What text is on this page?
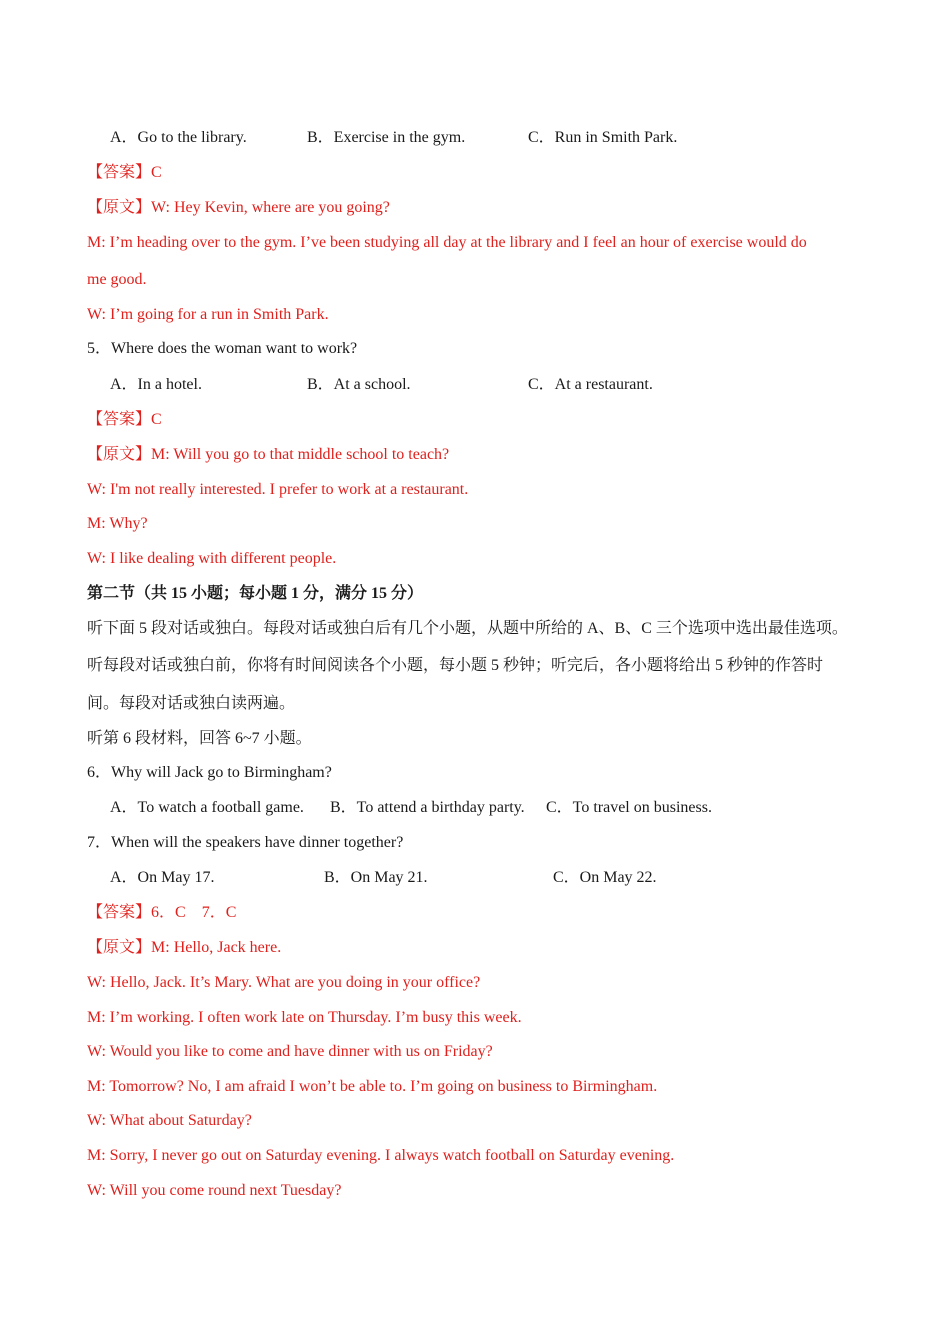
A．Go to the library.	B．Exercise in the gym.	C．Run in Smith Park.
【答案】C
【原文】W: Hey Kevin, where are you going?
M: I’m heading over to the gym. I’ve been studying all day at the library and I feel an hour of exercise would do
me good.
W: I’m going for a run in Smith Park.
5．Where does the woman want to work?
A．In a hotel.	B．At a school.	C．At a restaurant.
【答案】C
【原文】M: Will you go to that middle school to teach?
W: I'm not really interested. I prefer to work at a restaurant.
M: Why?
W: I like dealing with different people.
第二节（共 15 小题；每小题 1 分，满分 15 分）
听下面 5 段对话或独白。每段对话或独白后有几个小题，从题中所给的 A、B、C 三个选项中选出最佳选项。
听每段对话或独白前，你将有时间阅读各个小题，每小题 5 秒钟；听完后，各小题将给出 5 秒钟的作答时
间。每段对话或独白读两遍。
听第 6 段材料，回答 6~7 小题。
6．Why will Jack go to Birmingham?
A．To watch a football game. B．To attend a birthday party. C．To travel on business.
7．When will the speakers have dinner together?
A．On May 17.	B．On May 21.	C．On May 22.
【答案】6．C　7．C
【原文】M: Hello, Jack here.
W: Hello, Jack. It’s Mary. What are you doing in your office?
M: I’m working. I often work late on Thursday. I’m busy this week.
W: Would you like to come and have dinner with us on Friday?
M: Tomorrow? No, I am afraid I won’t be able to. I’m going on business to Birmingham.
W: What about Saturday?
M: Sorry, I never go out on Saturday evening. I always watch football on Saturday evening.
W: Will you come round next Tuesday?
